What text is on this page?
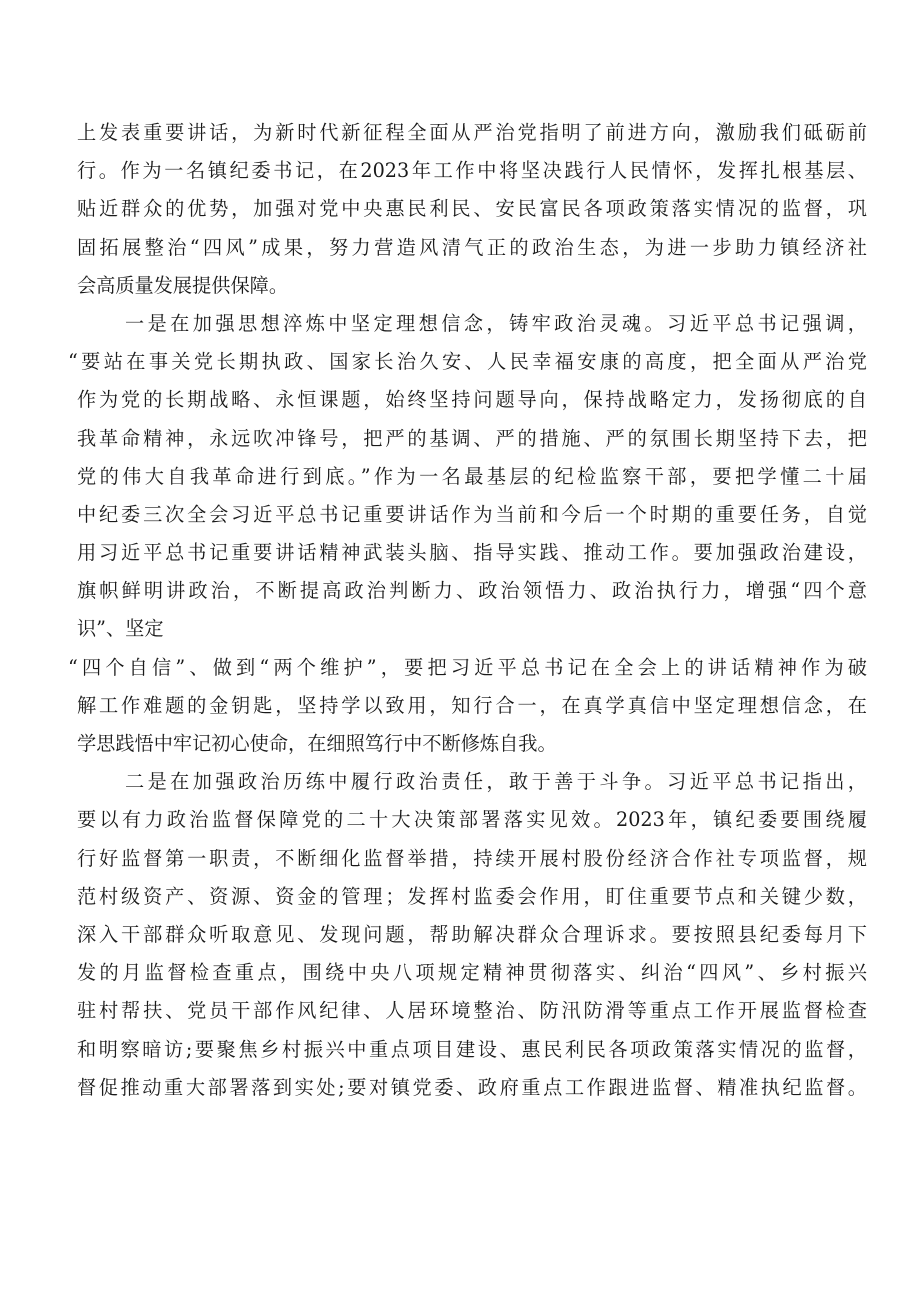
上发表重要讲话，为新时代新征程全面从严治党指明了前进方向，激励我们砥砺前
行。作为一名镇纪委书记，在2023年工作中将坚决践行人民情怀，发挥扎根基层、
贴近群众的优势，加强对党中央惠民利民、安民富民各项政策落实情况的监督，巩
固拓展整治“四风”成果，努力营造风清气正的政治生态，为进一步助力镇经济社
会高质量发展提供保障。
一是在加强思想淬炼中坚定理想信念，铸牢政治灵魂。习近平总书记强调，
“要站在事关党长期执政、国家长治久安、人民幸福安康的高度，把全面从严治党
作为党的长期战略、永恒课题，始终坚持问题导向，保持战略定力，发扬彻底的自
我革命精神，永远吹冲锋号，把严的基调、严的措施、严的氛围长期坚持下去，把
党的伟大自我革命进行到底。”作为一名最基层的纪检监察干部，要把学懂二十届
中纪委三次全会习近平总书记重要讲话作为当前和今后一个时期的重要任务，自觉
用习近平总书记重要讲话精神武装头脑、指导实践、推动工作。要加强政治建设，
旗帜鲜明讲政治，不断提高政治判断力、政治领悟力、政治执行力，增强“四个意
识”、坚定
“四个自信”、做到“两个维护”，要把习近平总书记在全会上的讲话精神作为破
解工作难题的金钥匙，坚持学以致用，知行合一，在真学真信中坚定理想信念，在
学思践悟中牢记初心使命，在细照笃行中不断修炼自我。
二是在加强政治历练中履行政治责任，敢于善于斗争。习近平总书记指出，
要以有力政治监督保障党的二十大决策部署落实见效。2023年，镇纪委要围绕履
行好监督第一职责，不断细化监督举措，持续开展村股份经济合作社专项监督，规
范村级资产、资源、资金的管理；发挥村监委会作用，盯住重要节点和关键少数，
深入干部群众听取意见、发现问题，帮助解决群众合理诉求。要按照县纪委每月下
发的月监督检查重点，围绕中央八项规定精神贯彻落实、纠治“四风”、乡村振兴
驻村帮扶、党员干部作风纪律、人居环境整治、防汛防滑等重点工作开展监督检查
和明察暗访;要聚焦乡村振兴中重点项目建设、惠民利民各项政策落实情况的监督，
督促推动重大部署落到实处;要对镇党委、政府重点工作跟进监督、精准执纪监督。
